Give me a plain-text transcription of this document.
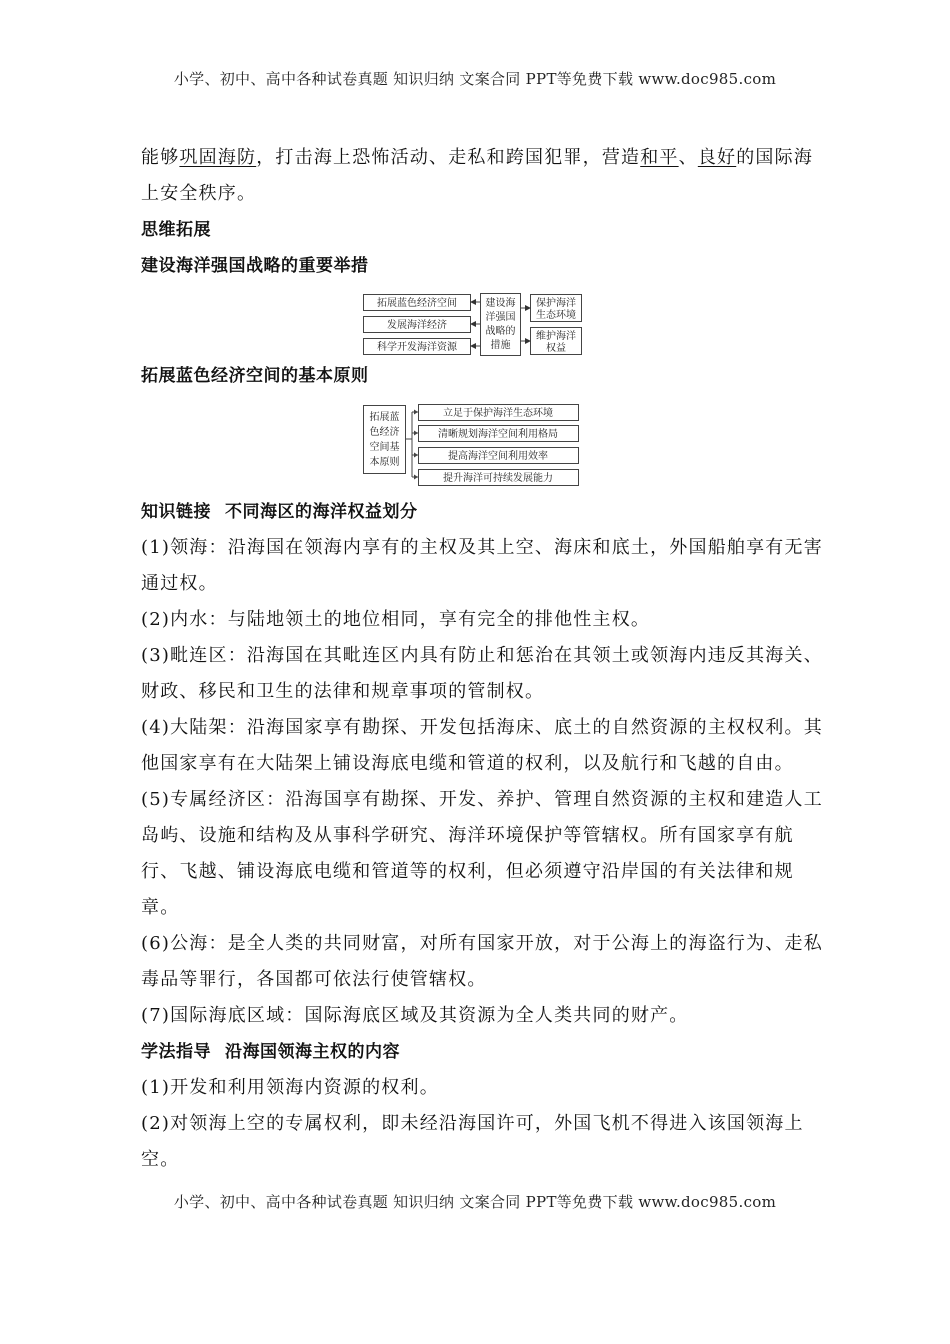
小学、初中、高中各种试卷真题 知识归纳 文案合同 PPT等免费下载 www.doc985.com

能够巩固海防，打击海上恐怖活动、走私和跨国犯罪，营造和平、良好的国际海上安全秩序。

思维拓展
建设海洋强国战略的重要举措
拓展蓝色经济空间
发展海洋经济
科学开发海洋资源
建设海
洋强国
战略的
措施
保护海洋
生态环境
维护海洋
权益
拓展蓝色经济空间的基本原则
拓展蓝
色经济
空间基
本原则
立足于保护海洋生态环境
清晰规划海洋空间利用格局
提高海洋空间利用效率
提升海洋可持续发展能力
知识链接 不同海区的海洋权益划分

(1)领海：沿海国在领海内享有的主权及其上空、海床和底土，外国船舶享有无害通过权。

(2)内水：与陆地领土的地位相同，享有完全的排他性主权。

(3)毗连区：沿海国在其毗连区内具有防止和惩治在其领土或领海内违反其海关、财政、移民和卫生的法律和规章事项的管制权。

(4)大陆架：沿海国家享有勘探、开发包括海床、底土的自然资源的主权权利。其他国家享有在大陆架上铺设海底电缆和管道的权利，以及航行和飞越的自由。

(5)专属经济区：沿海国享有勘探、开发、养护、管理自然资源的主权和建造人工岛屿、设施和结构及从事科学研究、海洋环境保护等管辖权。所有国家享有航行、飞越、铺设海底电缆和管道等的权利，但必须遵守沿岸国的有关法律和规章。

(6)公海：是全人类的共同财富，对所有国家开放，对于公海上的海盗行为、走私毒品等罪行，各国都可依法行使管辖权。

(7)国际海底区域：国际海底区域及其资源为全人类共同的财产。

学法指导 沿海国领海主权的内容

(1)开发和利用领海内资源的权利。

(2)对领海上空的专属权利，即未经沿海国许可，外国飞机不得进入该国领海上空。

小学、初中、高中各种试卷真题 知识归纳 文案合同 PPT等免费下载 www.doc985.com
